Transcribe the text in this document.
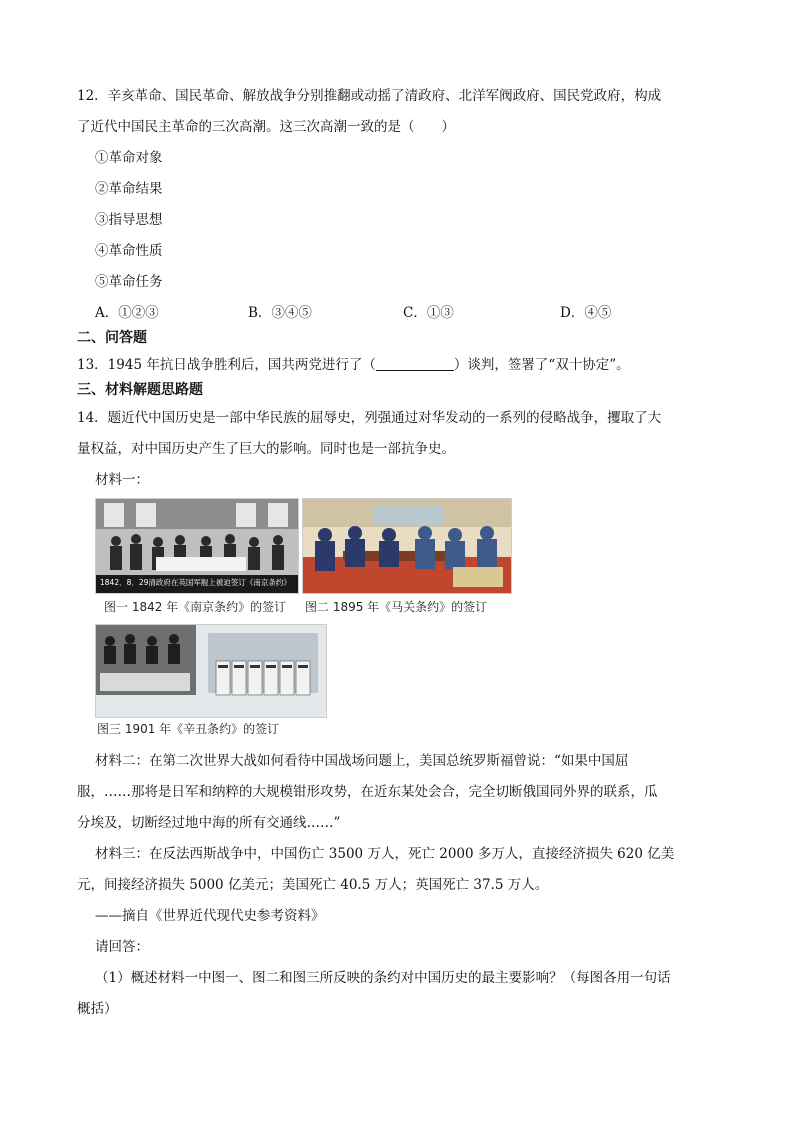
12．辛亥革命、国民革命、解放战争分别推翻或动摇了清政府、北洋军阀政府、国民党政府，构成
了近代中国民主革命的三次高潮。这三次高潮一致的是（　　）
①革命对象
②革命结果
③指导思想
④革命性质
⑤革命任务
A．①②③	B．③④⑤	C．①③	D．④⑤
二、问答题
13．1945 年抗日战争胜利后，国共两党进行了（	）谈判，签署了“双十协定”。
三、材料解题思路题
14．题近代中国历史是一部中华民族的屈辱史，列强通过对华发动的一系列的侵略战争，攫取了大
量权益，对中国历史产生了巨大的影响。同时也是一部抗争史。
材料一：
1842．8．29清政府在英国军舰上被迫签订《南京条约》
图一 1842 年《南京条约》的签订 图二 1895 年《马关条约》的签订
图三 1901 年《辛丑条约》的签订
材料二：在第二次世界大战如何看待中国战场问题上，美国总统罗斯福曾说：“如果中国屈
服，……那将是日军和纳粹的大规模钳形攻势，在近东某处会合，完全切断俄国同外界的联系，瓜
分埃及，切断经过地中海的所有交通线……”
材料三：在反法西斯战争中，中国伤亡 3500 万人，死亡 2000 多万人，直接经济损失 620 亿美
元，间接经济损失 5000 亿美元；美国死亡 40.5 万人；英国死亡 37.5 万人。
——摘自《世界近代现代史参考资料》
请回答：
（1）概述材料一中图一、图二和图三所反映的条约对中国历史的最主要影响？（每图各用一句话
概括）
